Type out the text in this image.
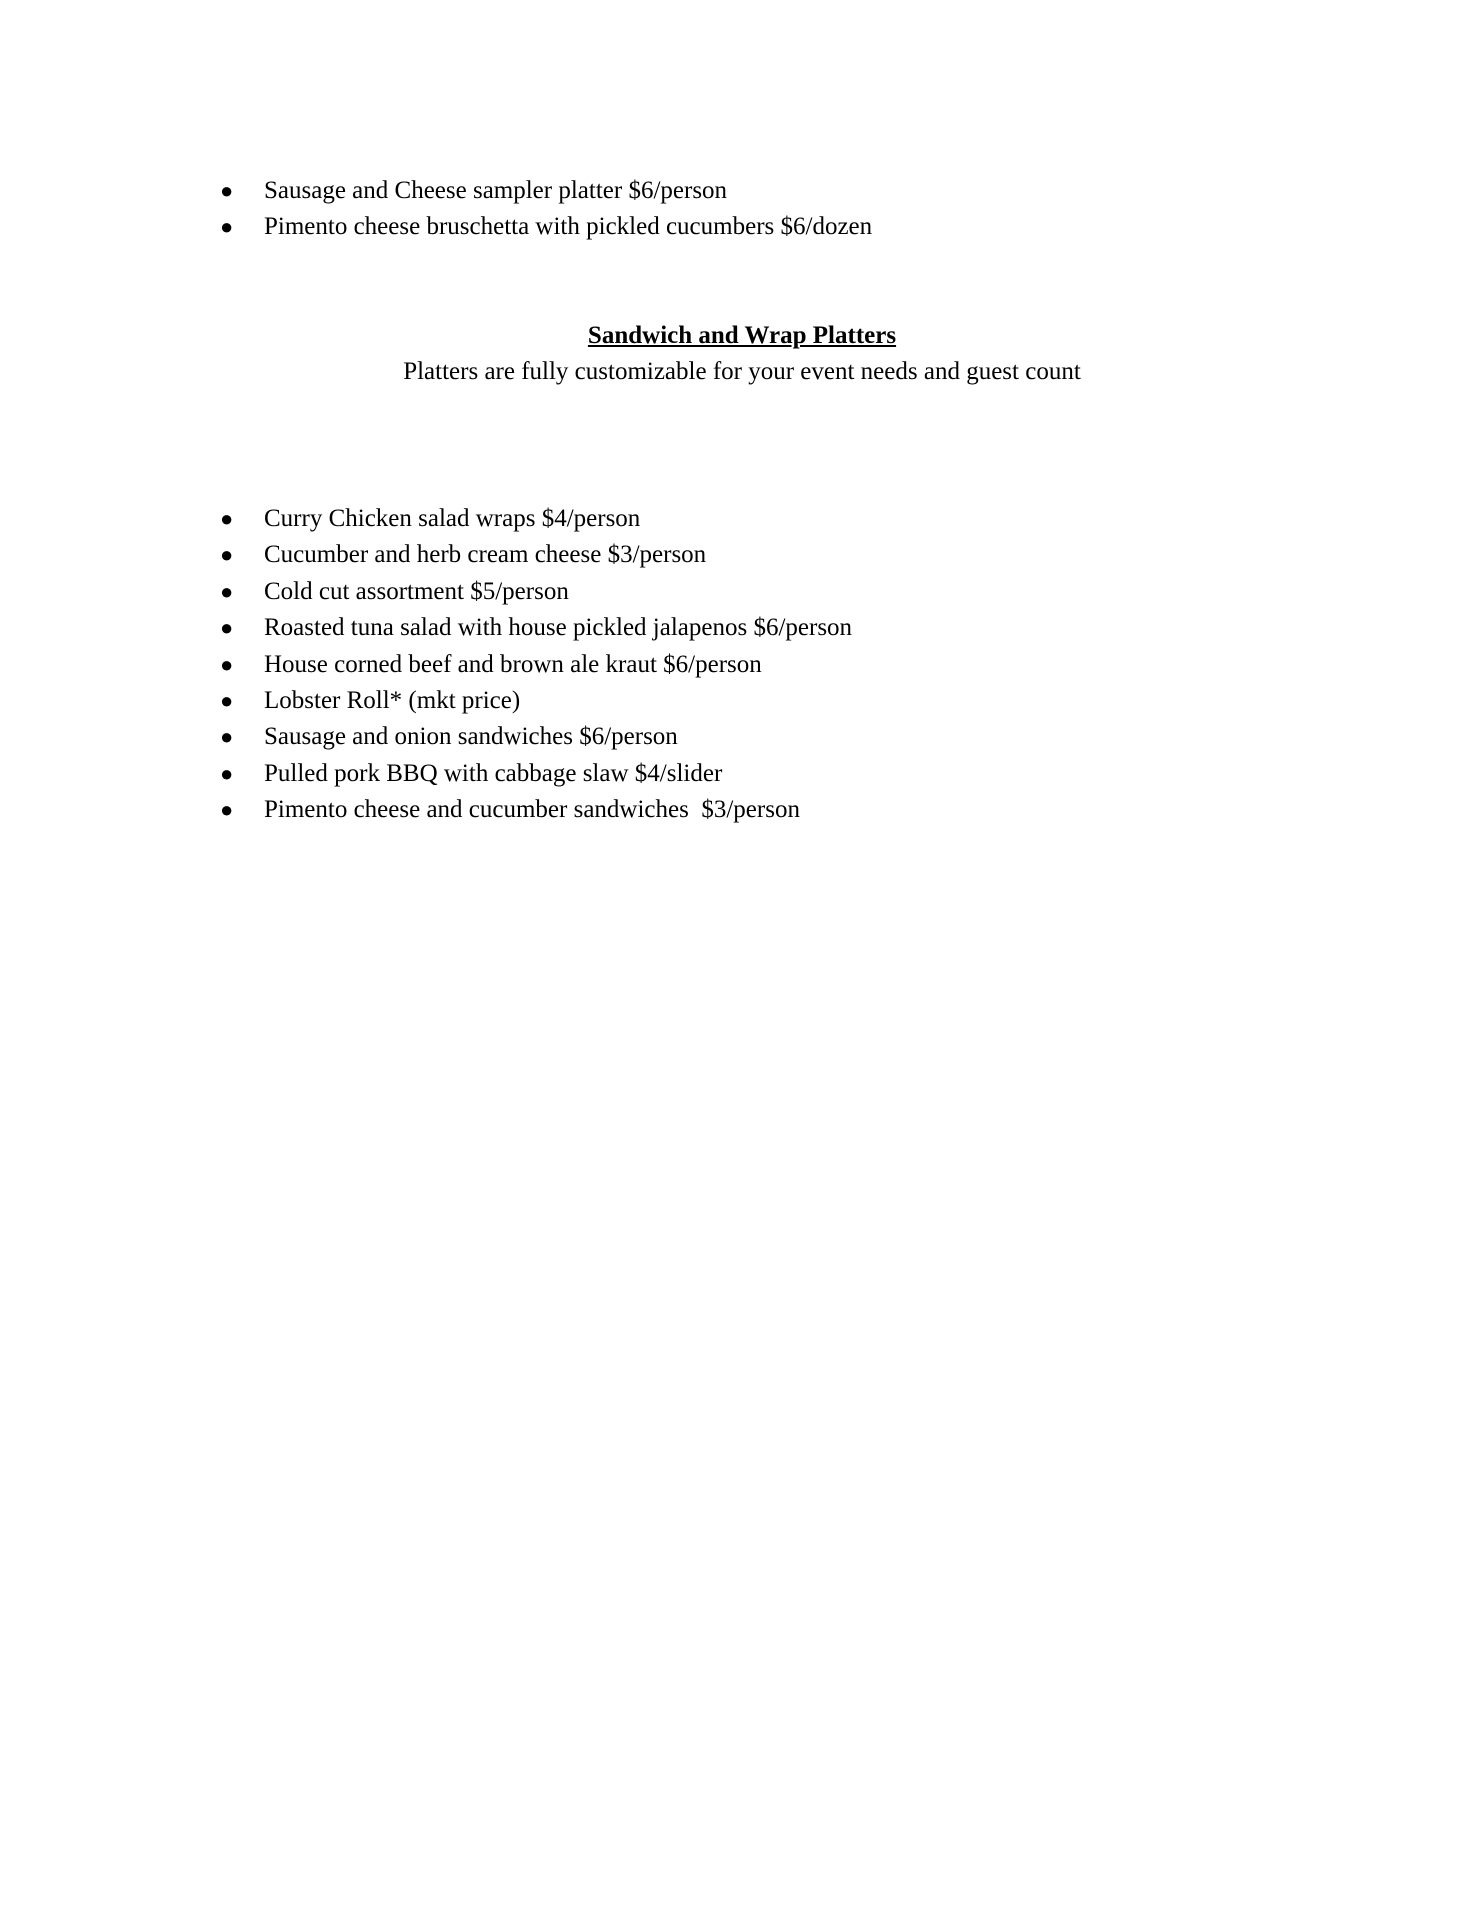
●

Sausage and Cheese sampler platter $6/person

●

Pimento cheese bruschetta with pickled cucumbers $6/dozen

Sandwich and Wrap Platters

Platters are fully customizable for your event needs and guest count

●

Curry Chicken salad wraps $4/person

●

Cucumber and herb cream cheese $3/person

●

Cold cut assortment $5/person

●

Roasted tuna salad with house pickled jalapenos $6/person

●

House corned beef and brown ale kraut $6/person

●

Lobster Roll* (mkt price)

●

Sausage and onion sandwiches $6/person

●

Pulled pork BBQ with cabbage slaw $4/slider

●

Pimento cheese and cucumber sandwiches  $3/person
